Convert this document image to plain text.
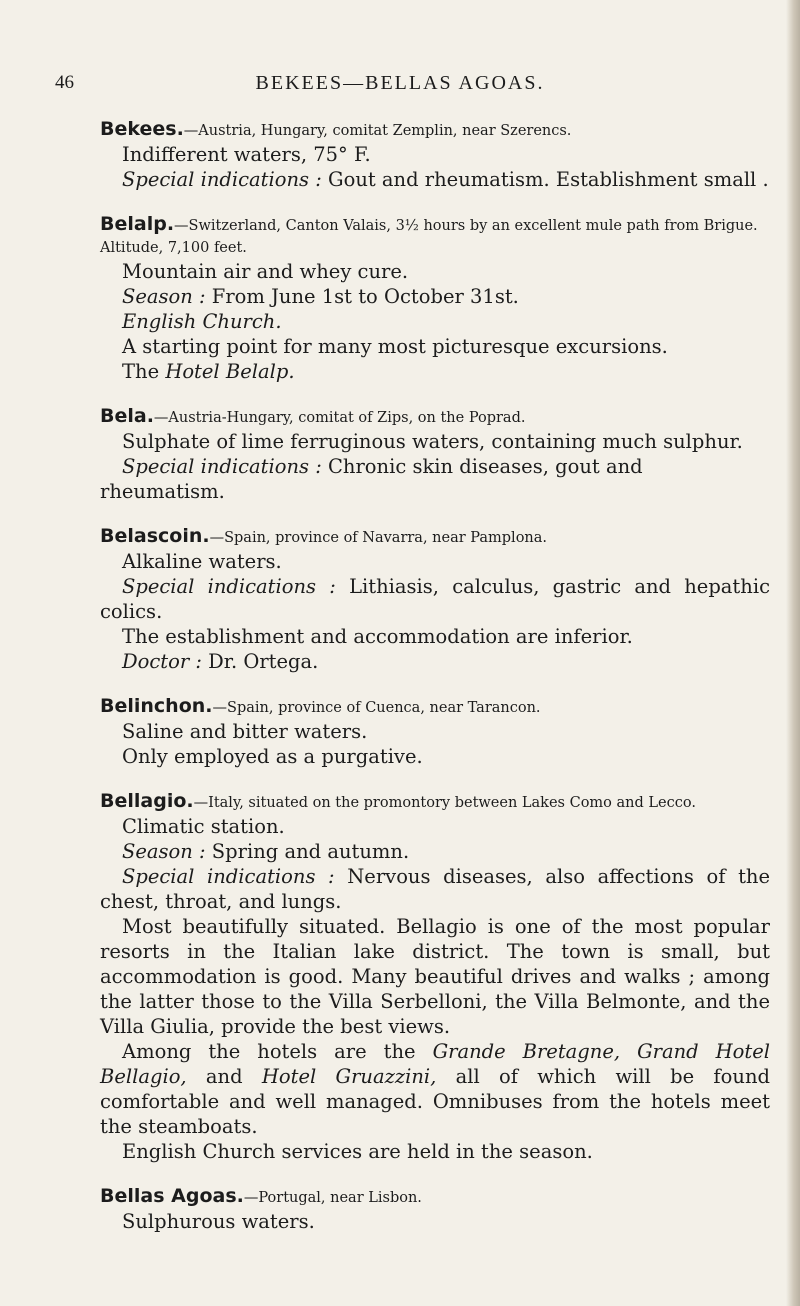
46	BEKEES—BELLAS AGOAS.

Bekees.—Austria, Hungary, comitat Zemplin, near Szerencs.

Indifferent waters, 75° F.

Special indications : Gout and rheumatism. Establishment small .

Belalp.—Switzerland, Canton Valais, 3½ hours by an excellent mule path from Brigue. Altitude, 7,100 feet.

Mountain air and whey cure.

Season : From June 1st to October 31st.

English Church.

A starting point for many most picturesque excursions.

The Hotel Belalp.

Bela.—Austria-Hungary, comitat of Zips, on the Poprad.

Sulphate of lime ferruginous waters, containing much sulphur.

Special indications : Chronic skin diseases, gout and rheumatism.

Belascoin.—Spain, province of Navarra, near Pamplona.

Alkaline waters.

Special indications : Lithiasis, calculus, gastric and hepathic colics.

The establishment and accommodation are inferior.

Doctor : Dr. Ortega.

Belinchon.—Spain, province of Cuenca, near Tarancon.

Saline and bitter waters.

Only employed as a purgative.

Bellagio.—Italy, situated on the promontory between Lakes Como and Lecco.

Climatic station.

Season : Spring and autumn.

Special indications : Nervous diseases, also affections of the chest, throat, and lungs.

Most beautifully situated. Bellagio is one of the most popular resorts in the Italian lake district. The town is small, but accommodation is good. Many beautiful drives and walks ; among the latter those to the Villa Serbelloni, the Villa Belmonte, and the Villa Giulia, provide the best views.

Among the hotels are the Grande Bretagne, Grand Hotel Bellagio, and Hotel Gruazzini, all of which will be found comfortable and well managed. Omnibuses from the hotels meet the steamboats.

English Church services are held in the season.

Bellas Agoas.—Portugal, near Lisbon.

Sulphurous waters.
